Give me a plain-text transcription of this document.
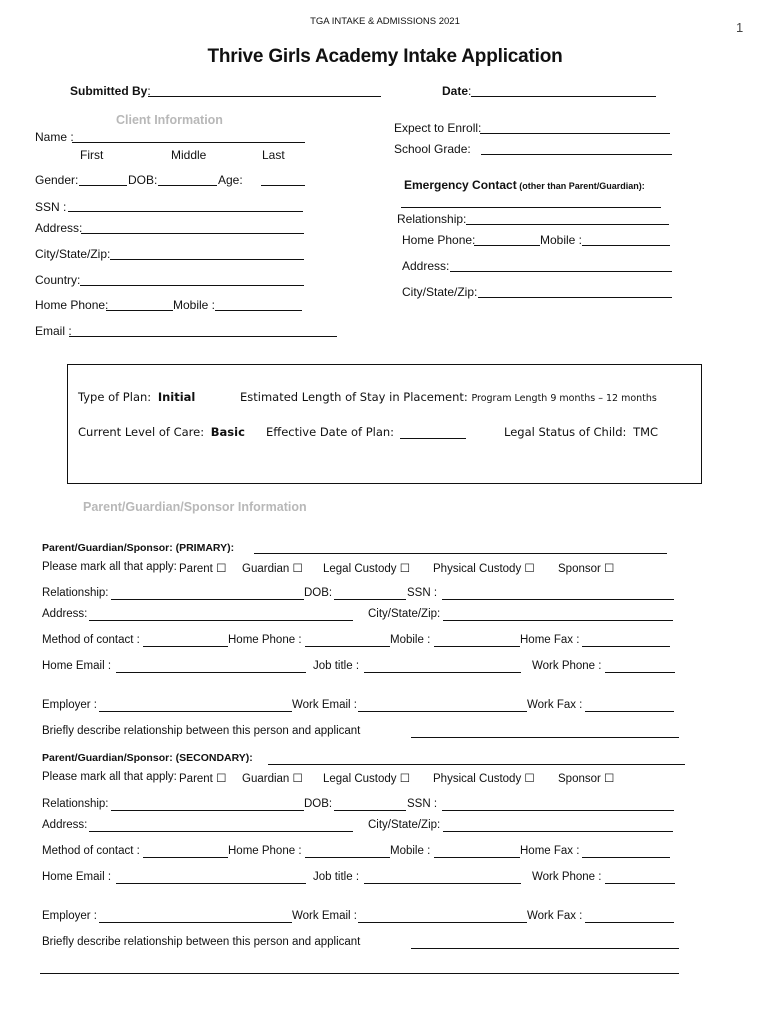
TGA INTAKE & ADMISSIONS 2021	1
Thrive Girls Academy Intake Application
Submitted By:	Date:
Client Information
Name :
First	Middle	Last
Gender:	DOB:	Age:
SSN :
Address:
City/State/Zip:
Country:
Home Phone:	Mobile :
Email :
Expect to Enroll:
School Grade:
Emergency Contact (other than Parent/Guardian):
Relationship:
Home Phone:	Mobile :
Address:
City/State/Zip:
Type of Plan: Initial	Estimated Length of Stay in Placement: Program Length 9 months – 12 months
Current Level of Care: Basic Effective Date of Plan:	Legal Status of Child: TMC
Parent/Guardian/Sponsor Information
Parent/Guardian/Sponsor: (PRIMARY):
Please mark all that apply: Parent ☐ Guardian ☐ Legal Custody ☐ Physical Custody ☐ Sponsor ☐
Relationship:	DOB:	SSN :
Address:	City/State/Zip:
Method of contact :	Home Phone :	Mobile :	Home Fax :
Home Email :	Job title :	Work Phone :
Employer :	Work Email :	Work Fax :
Briefly describe relationship between this person and applicant
Parent/Guardian/Sponsor: (SECONDARY):
Please mark all that apply: Parent ☐ Guardian ☐ Legal Custody ☐ Physical Custody ☐ Sponsor ☐
Relationship:	DOB:	SSN :
Address:	City/State/Zip:
Method of contact :	Home Phone :	Mobile :	Home Fax :
Home Email :	Job title :	Work Phone :
Employer :	Work Email :	Work Fax :
Briefly describe relationship between this person and applicant
